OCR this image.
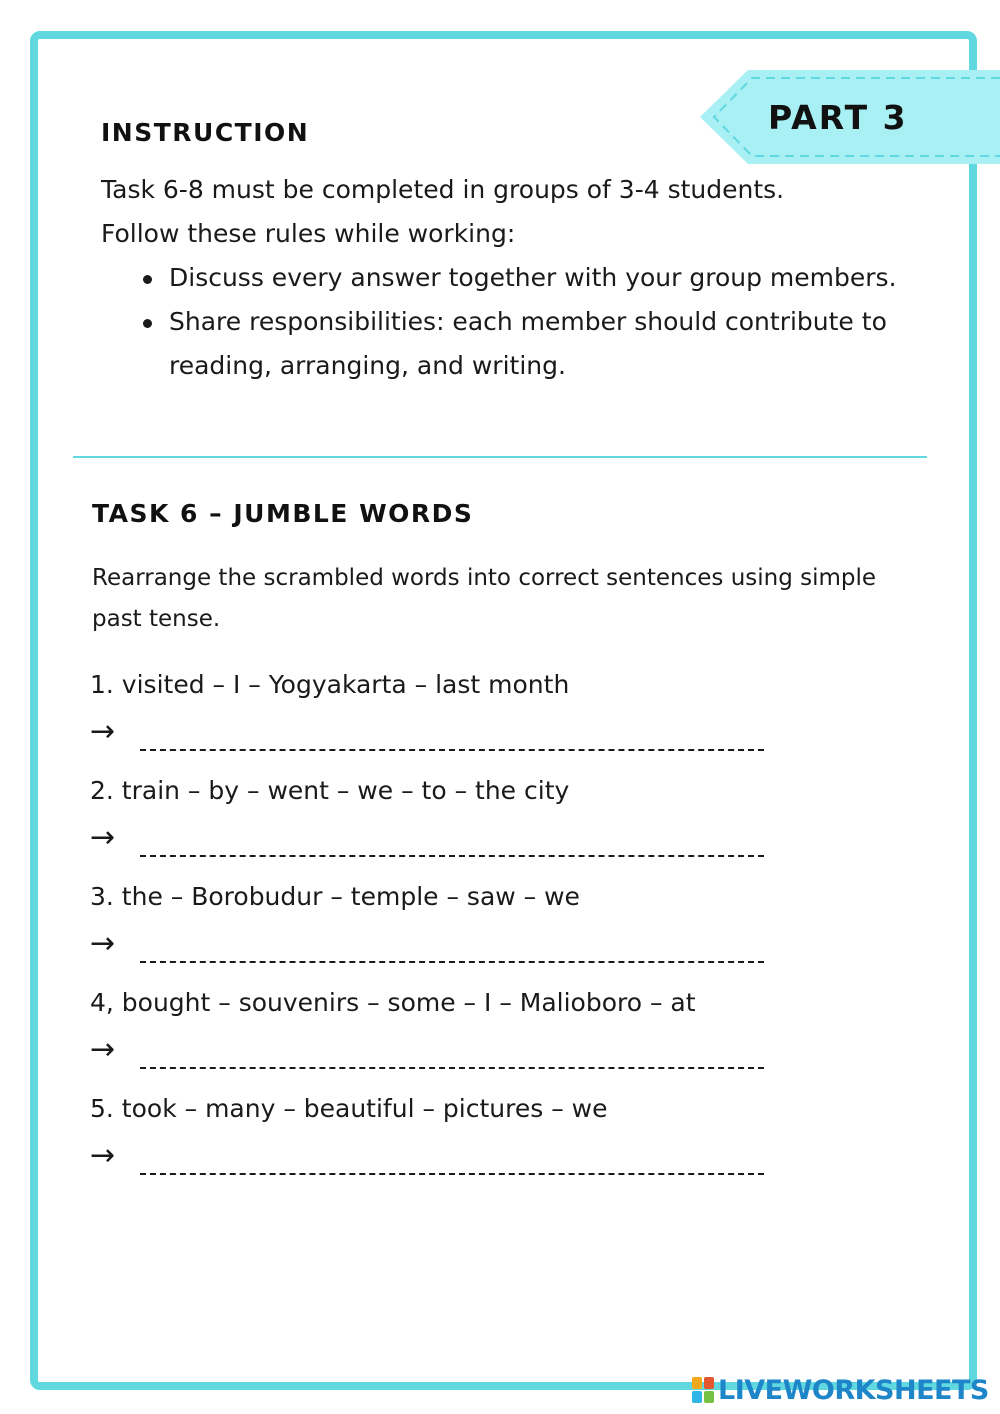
PART 3
INSTRUCTION

Task 6-8 must be completed in groups of 3-4 students.

Follow these rules while working:

Discuss every answer together with your group members.
Share responsibilities: each member should contribute to reading, arranging, and writing.
TASK 6 – JUMBLE WORDS
Rearrange the scrambled words into correct sentences using simple past tense.
1. visited – I – Yogyakarta – last month
→
2. train – by – went – we – to – the city
→
3. the – Borobudur – temple – saw – we
→
4, bought – souvenirs – some – I – Malioboro – at
→
5. took – many – beautiful – pictures – we
→
LIVEWORKSHEETS
